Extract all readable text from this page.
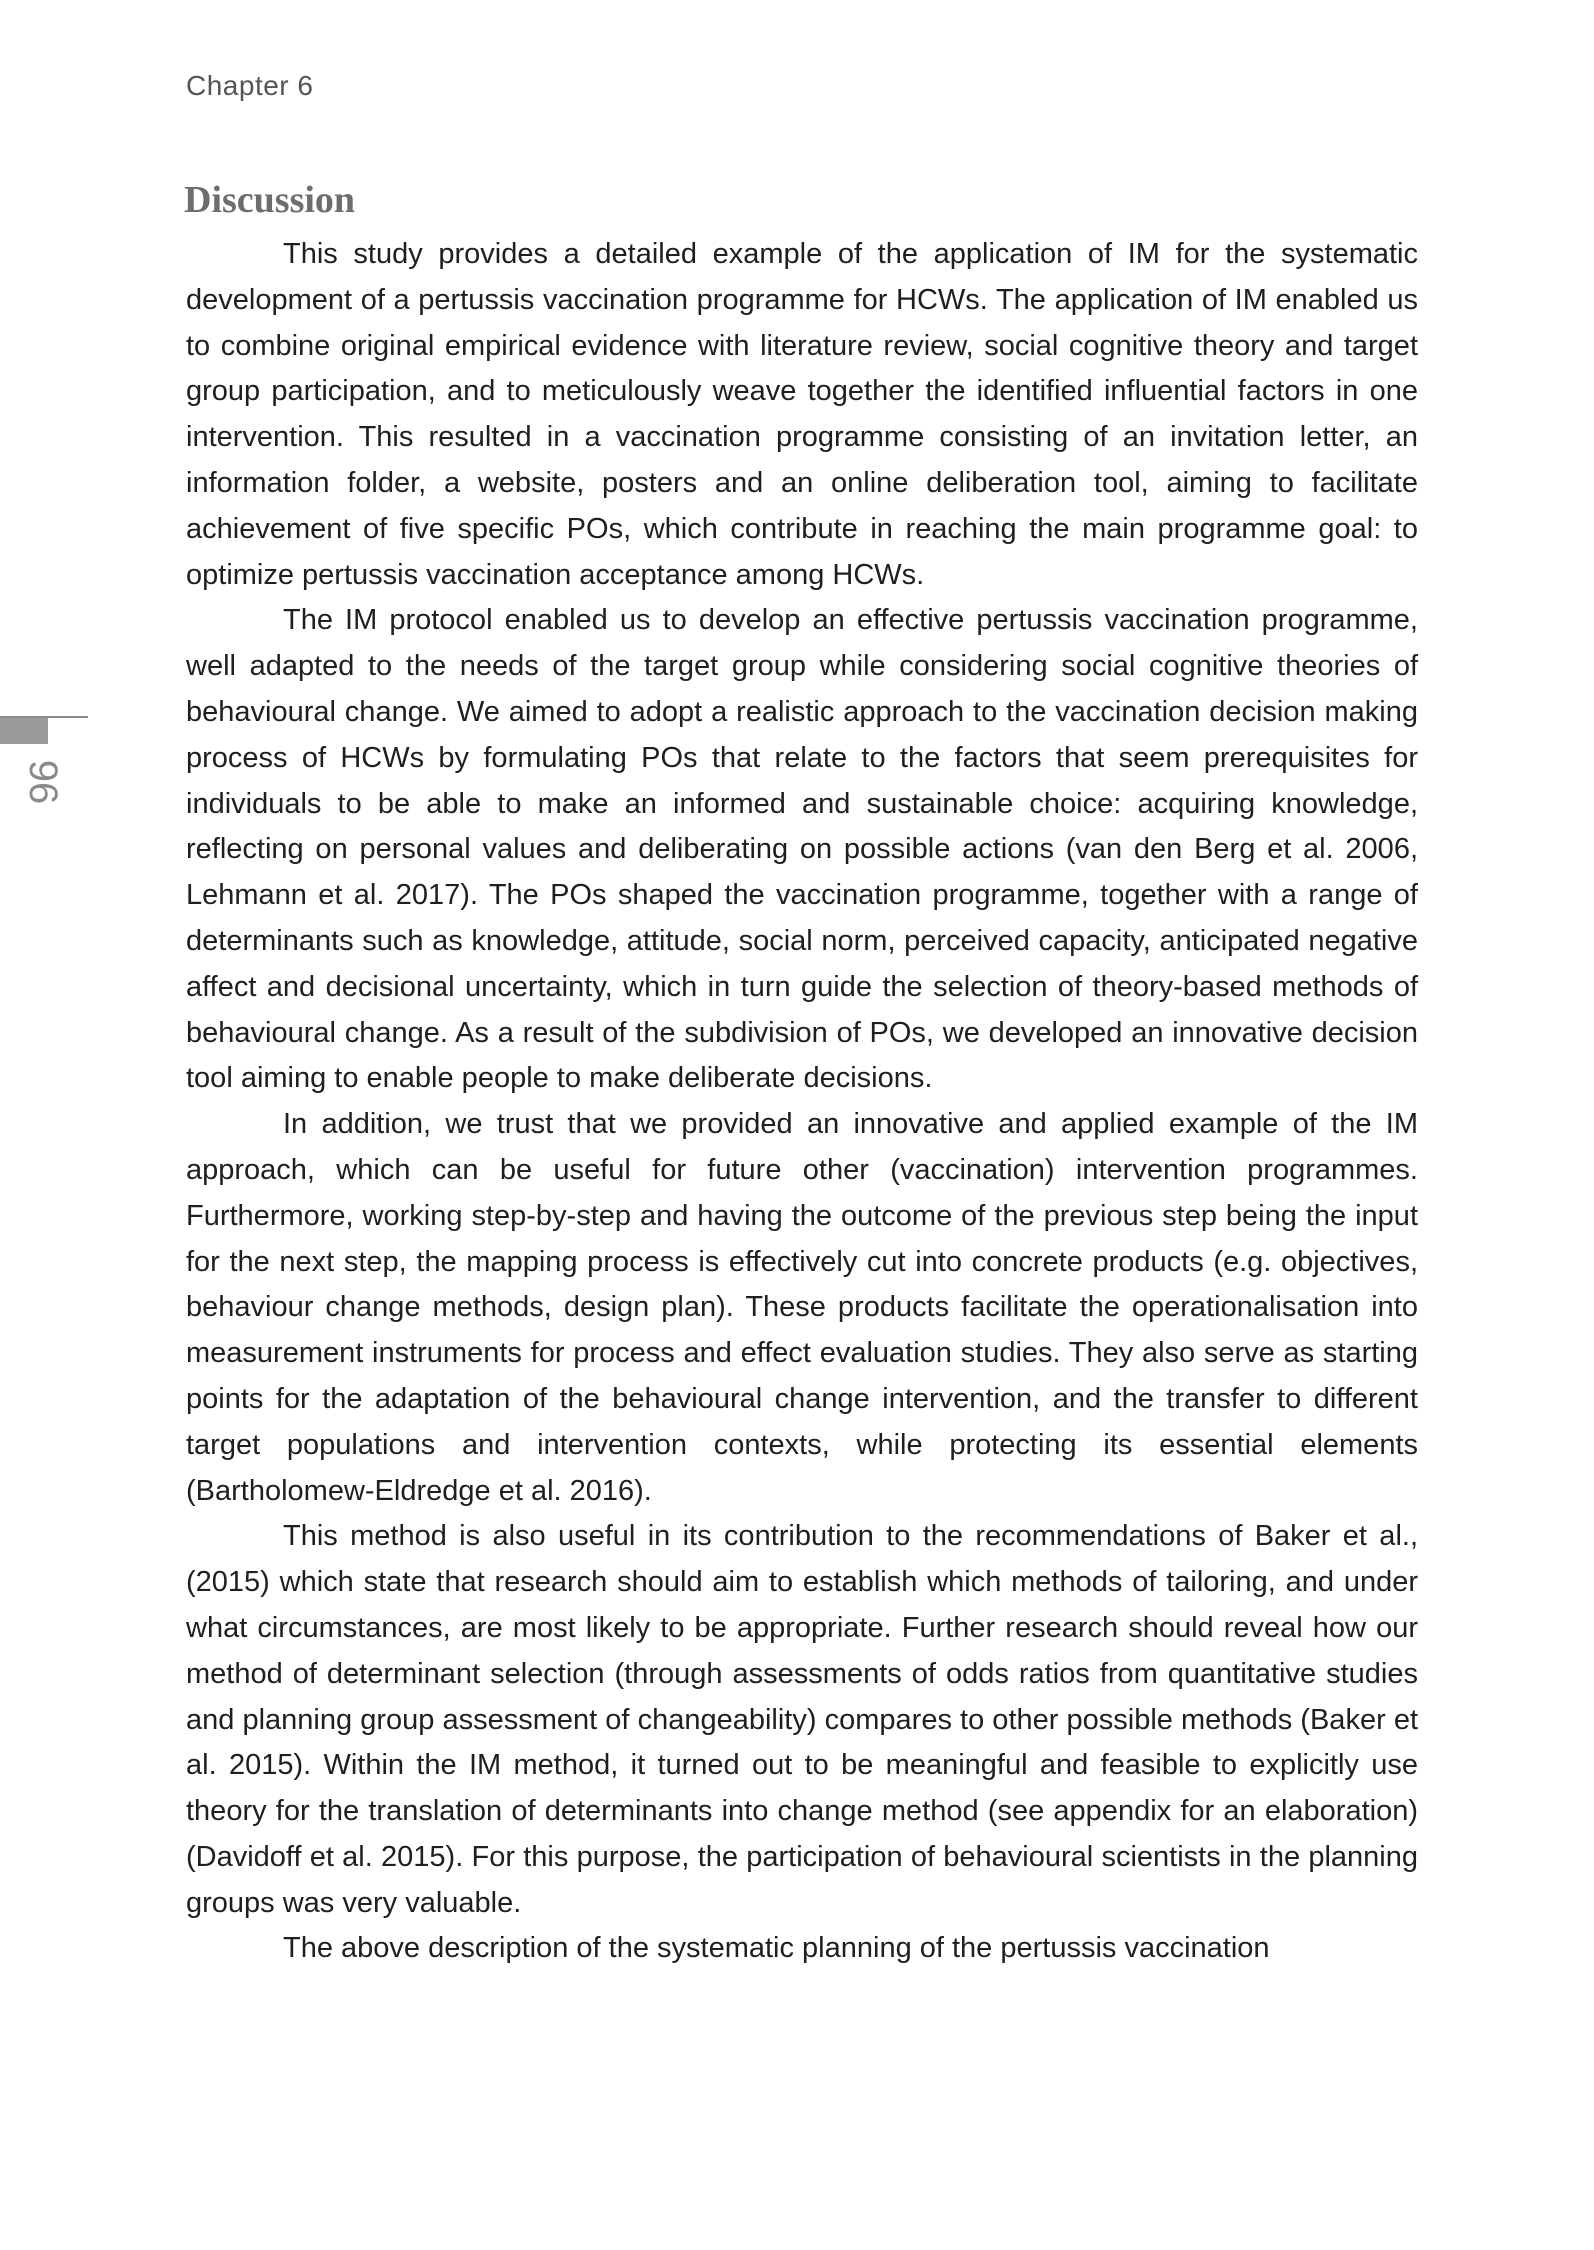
Chapter 6
Discussion

This study provides a detailed example of the application of IM for the systematic development of a pertussis vaccination programme for HCWs. The application of IM enabled us to combine original empirical evidence with literature review, social cognitive theory and target group participation, and to meticulously weave together the identified influential factors in one intervention. This resulted in a vaccination programme consisting of an invitation letter, an information folder, a website, posters and an online deliberation tool, aiming to facilitate achievement of five specific POs, which contribute in reaching the main programme goal: to optimize pertussis vaccination acceptance among HCWs.

The IM protocol enabled us to develop an effective pertussis vaccination programme, well adapted to the needs of the target group while considering social cognitive theories of behavioural change. We aimed to adopt a realistic approach to the vaccination decision making process of HCWs by formulating POs that relate to the factors that seem prerequisites for individuals to be able to make an informed and sustainable choice: acquiring knowledge, reflecting on personal values and deliberating on possible actions (van den Berg et al. 2006, Lehmann et al. 2017). The POs shaped the vaccination programme, together with a range of determinants such as knowledge, attitude, social norm, perceived capacity, anticipated negative affect and decisional uncertainty, which in turn guide the selection of theory-based methods of behavioural change. As a result of the subdivision of POs, we developed an innovative decision tool aiming to enable people to make deliberate decisions.

In addition, we trust that we provided an innovative and applied example of the IM approach, which can be useful for future other (vaccination) intervention programmes. Furthermore, working step-by-step and having the outcome of the previous step being the input for the next step, the mapping process is effectively cut into concrete products (e.g. objectives, behaviour change methods, design plan). These products facilitate the operationalisation into measurement instruments for process and effect evaluation studies. They also serve as starting points for the adaptation of the behavioural change intervention, and the transfer to different target populations and intervention contexts, while protecting its essential elements (Bartholomew-Eldredge et al. 2016).

This method is also useful in its contribution to the recommendations of Baker et al., (2015) which state that research should aim to establish which methods of tailoring, and under what circumstances, are most likely to be appropriate. Further research should reveal how our method of determinant selection (through assessments of odds ratios from quantitative studies and planning group assessment of changeability) compares to other possible methods (Baker et al. 2015). Within the IM method, it turned out to be meaningful and feasible to explicitly use theory for the translation of determinants into change method (see appendix for an elaboration) (Davidoff et al. 2015). For this purpose, the participation of behavioural scientists in the planning groups was very valuable.

The above description of the systematic planning of the pertussis vaccination

96
